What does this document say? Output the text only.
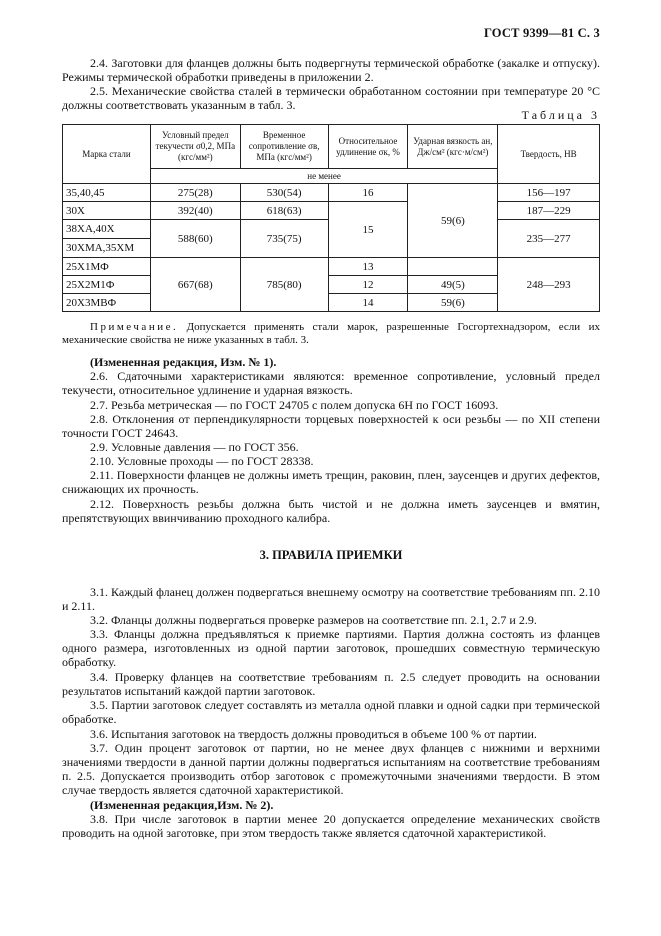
ГОСТ 9399—81 С. 3

2.4. Заготовки для фланцев должны быть подвергнуты термической обработке (закалке и отпуску). Режимы термической обработки приведены в приложении 2.

2.5. Механические свойства сталей в термически обработанном состоянии при температуре 20 °С должны соответствовать указанным в табл. 3.

Таблица 3
Марка стали	Условный предел текучести σ0,2, МПа (кгс/мм²)	Временное сопротивление σв, МПа (кгс/мм²)	Относительное удлинение σк, %	Ударная вязкость aн, Дж/см² (кгс·м/см²)	Твердость, НВ
	не менее				
35,40,45	275(28)	530(54)	16	59(6)	156—197
30Х	392(40)	618(63)	15		187—229
38ХА,40Х	588(60)	735(75)			235—277
30ХМА,35ХМ					
25Х1МФ	667(68)	785(80)	13		248—293
25Х2М1Ф			12	49(5)	
20Х3МВФ			14	59(6)	

Примечание. Допускается применять стали марок, разрешенные Госгортехнадзором, если их механические свойства не ниже указанных в табл. 3.

(Измененная редакция, Изм. № 1).

2.6. Сдаточными характеристиками являются: временное сопротивление, условный предел текучести, относительное удлинение и ударная вязкость.

2.7. Резьба метрическая — по ГОСТ 24705 с полем допуска 6Н по ГОСТ 16093.

2.8. Отклонения от перпендикулярности торцевых поверхностей к оси резьбы — по XII степени точности ГОСТ 24643.

2.9. Условные давления — по ГОСТ 356.

2.10. Условные проходы — по ГОСТ 28338.

2.11. Поверхности фланцев не должны иметь трещин, раковин, плен, заусенцев и других дефектов, снижающих их прочность.

2.12. Поверхность резьбы должна быть чистой и не должна иметь заусенцев и вмятин, препятствующих ввинчиванию проходного калибра.

3. ПРАВИЛА ПРИЕМКИ

3.1. Каждый фланец должен подвергаться внешнему осмотру на соответствие требованиям пп. 2.10 и 2.11.

3.2. Фланцы должны подвергаться проверке размеров на соответствие пп. 2.1, 2.7 и 2.9.

3.3. Фланцы должна предъявляться к приемке партиями. Партия должна состоять из фланцев одного размера, изготовленных из одной партии заготовок, прошедших совместную термическую обработку.

3.4. Проверку фланцев на соответствие требованиям п. 2.5 следует проводить на основании результатов испытаний каждой партии заготовок.

3.5. Партии заготовок следует составлять из металла одной плавки и одной садки при термической обработке.

3.6. Испытания заготовок на твердость должны проводиться в объеме 100 % от партии.

3.7. Один процент заготовок от партии, но не менее двух фланцев с нижними и верхними значениями твердости в данной партии должны подвергаться испытаниям на соответствие требованиям п. 2.5. Допускается производить отбор заготовок с промежуточными значениями твердости. В этом случае твердость является сдаточной характеристикой.

(Измененная редакция,Изм. № 2).

3.8. При числе заготовок в партии менее 20 допускается определение механических свойств проводить на одной заготовке, при этом твердость также является сдаточной характеристикой.
